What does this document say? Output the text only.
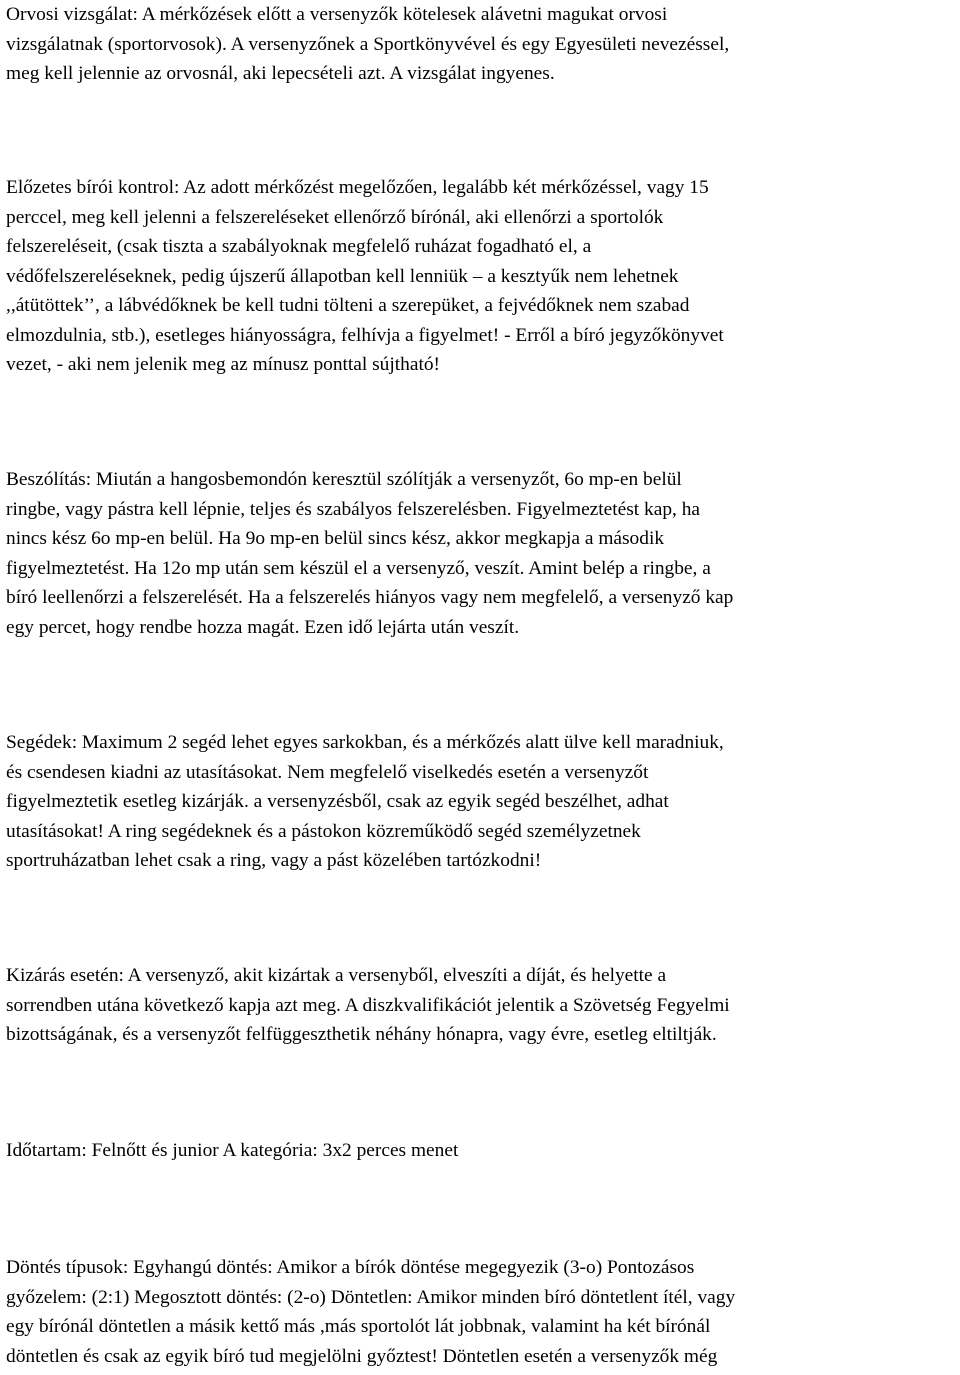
Orvosi vizsgálat: A mérkőzések előtt a versenyzők kötelesek alávetni magukat orvosi
vizsgálatnak (sportorvosok). A versenyzőnek a Sportkönyvével és egy Egyesületi nevezéssel,
meg kell jelennie az orvosnál, aki lepecsételi azt. A vizsgálat ingyenes.

Előzetes bírói kontrol: Az adott mérkőzést megelőzően, legalább két mérkőzéssel, vagy 15
perccel, meg kell jelenni a felszereléseket ellenőrző bírónál, aki ellenőrzi a sportolók
felszereléseit, (csak tiszta a szabályoknak megfelelő ruházat fogadható el, a
védőfelszereléseknek, pedig újszerű állapotban kell lenniük – a kesztyűk nem lehetnek
,,átütöttek’’, a lábvédőknek be kell tudni tölteni a szerepüket, a fejvédőknek nem szabad
elmozdulnia, stb.), esetleges hiányosságra, felhívja a figyelmet! - Erről a bíró jegyzőkönyvet
vezet, - aki nem jelenik meg az mínusz ponttal sújtható!

Beszólítás: Miután a hangosbemondón keresztül szólítják a versenyzőt, 6o mp-en belül
ringbe, vagy pástra kell lépnie, teljes és szabályos felszerelésben. Figyelmeztetést kap, ha
nincs kész 6o mp-en belül. Ha 9o mp-en belül sincs kész, akkor megkapja a második
figyelmeztetést. Ha 12o mp után sem készül el a versenyző, veszít. Amint belép a ringbe, a
bíró leellenőrzi a felszerelését. Ha a felszerelés hiányos vagy nem megfelelő, a versenyző kap
egy percet, hogy rendbe hozza magát. Ezen idő lejárta után veszít.

Segédek: Maximum 2 segéd lehet egyes sarkokban, és a mérkőzés alatt ülve kell maradniuk,
és csendesen kiadni az utasításokat. Nem megfelelő viselkedés esetén a versenyzőt
figyelmeztetik esetleg kizárják. a versenyzésből, csak az egyik segéd beszélhet, adhat
utasításokat! A ring segédeknek és a pástokon közreműködő segéd személyzetnek
sportruházatban lehet csak a ring, vagy a pást közelében tartózkodni!

Kizárás esetén: A versenyző, akit kizártak a versenyből, elveszíti a díját, és helyette a
sorrendben utána következő kapja azt meg. A diszkvalifikációt jelentik a Szövetség Fegyelmi
bizottságának, és a versenyzőt felfüggeszthetik néhány hónapra, vagy évre, esetleg eltiltják.

Időtartam: Felnőtt és junior A kategória: 3x2 perces menet

Döntés típusok: Egyhangú döntés: Amikor a bírók döntése megegyezik (3-o) Pontozásos
győzelem: (2:1) Megosztott döntés: (2-o) Döntetlen: Amikor minden bíró döntetlent ítél, vagy
egy bírónál döntetlen a másik kettő más ,más sportolót lát jobbnak, valamint ha két bírónál
döntetlen és csak az egyik bíró tud megjelölni győztest! Döntetlen esetén a versenyzők még
